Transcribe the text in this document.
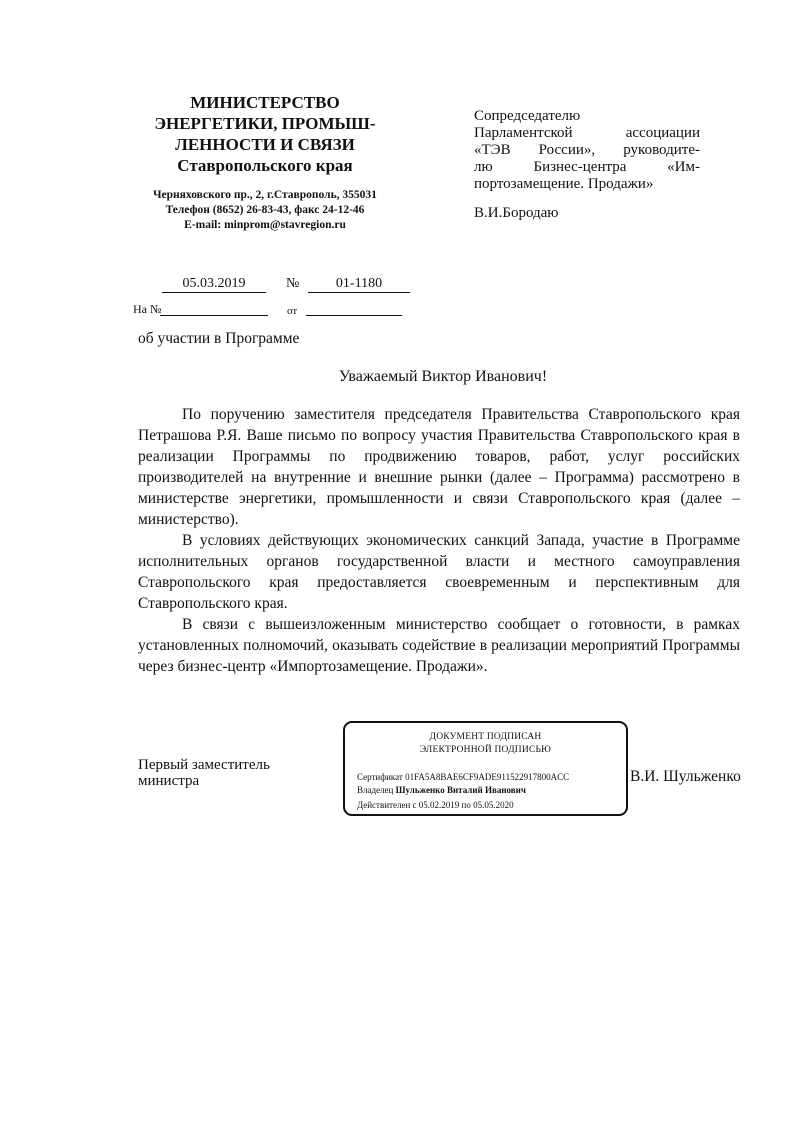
МИНИСТЕРСТВО
ЭНЕРГЕТИКИ, ПРОМЫШ-
ЛЕННОСТИ И СВЯЗИ
Ставропольского края
Черняховского пр., 2, г.Ставрополь, 355031
Телефон (8652) 26-83-43, факс 24-12-46
E-mail: minprom@stavregion.ru
Сопредседателю
Парламентской ассоциации
«ТЭВ России», руководите-
лю Бизнес-центра «Им-
портозамещение. Продажи»
В.И.Бородаю
05.03.2019	№	01-1180
На №	от
об участии в Программе
Уважаемый Виктор Иванович!

По поручению заместителя председателя Правительства Ставропольского края Петрашова Р.Я. Ваше письмо по вопросу участия Правительства Ставропольского края в реализации Программы по продвижению товаров, работ, услуг российских производителей на внутренние и внешние рынки (далее – Программа) рассмотрено в министерстве энергетики, промышленности и связи Ставропольского края (далее – министерство).

В условиях действующих экономических санкций Запада, участие в Программе исполнительных органов государственной власти и местного самоуправления Ставропольского края предоставляется своевременным и перспективным для Ставропольского края.

В связи с вышеизложенным министерство сообщает о готовности, в рамках установленных полномочий, оказывать содействие в реализации мероприятий Программы через бизнес-центр «Импортозамещение. Продажи».

Первый заместитель
министра	В.И. Шульженко
ДОКУМЕНТ ПОДПИСАН
ЭЛЕКТРОННОЙ ПОДПИСЬЮ
Сертификат 01FA5A8BAE6CF9ADE911522917800ACC
Владелец Шульженко Виталий Иванович
Действителен с 05.02.2019 по 05.05.2020
